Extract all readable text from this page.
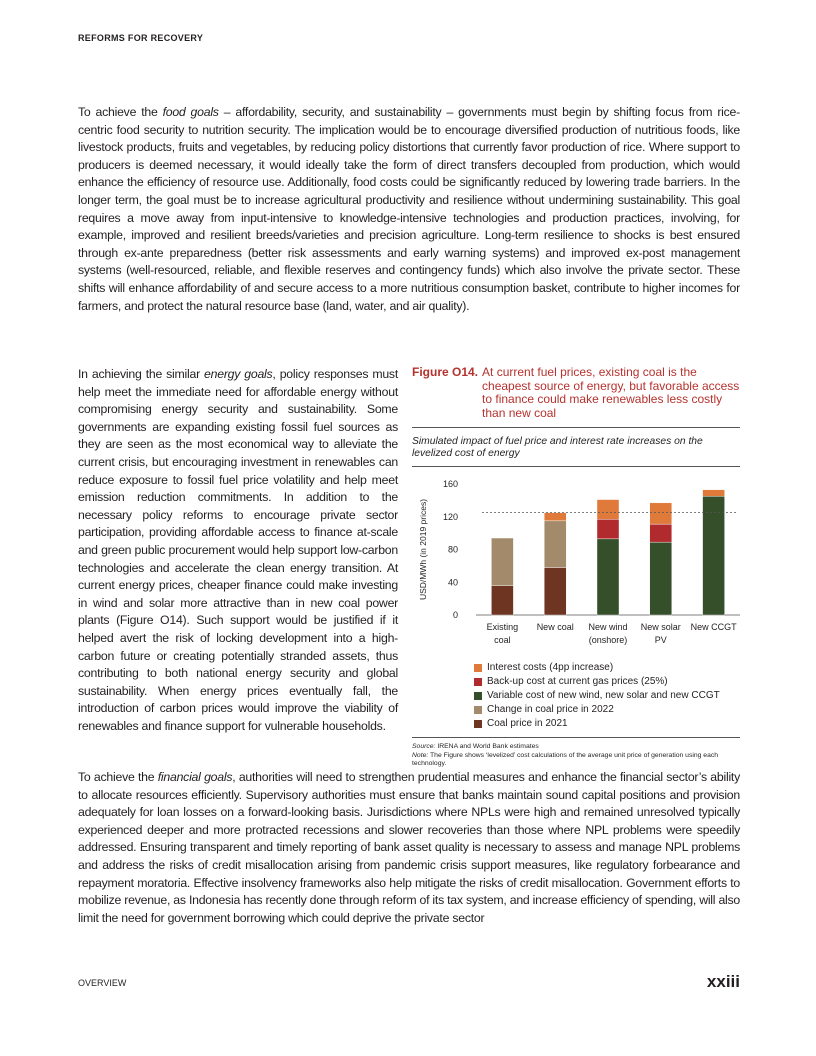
REFORMS FOR RECOVERY

To achieve the food goals – affordability, security, and sustainability – governments must begin by shifting focus from rice-centric food security to nutrition security. The implication would be to encourage diversified production of nutritious foods, like livestock products, fruits and vegetables, by reducing policy distortions that currently favor production of rice. Where support to producers is deemed necessary, it would ideally take the form of direct transfers decoupled from production, which would enhance the efficiency of resource use. Additionally, food costs could be significantly reduced by lowering trade barriers. In the longer term, the goal must be to increase agricultural productivity and resilience without undermining sustainability. This goal requires a move away from input-intensive to knowledge-intensive technologies and production practices, involving, for example, improved and resilient breeds/varieties and precision agriculture. Long-term resilience to shocks is best ensured through ex-ante preparedness (better risk assessments and early warning systems) and improved ex-post management systems (well-resourced, reliable, and flexible reserves and contingency funds) which also involve the private sector. These shifts will enhance affordability of and secure access to a more nutritious consumption basket, contribute to higher incomes for farmers, and protect the natural resource base (land, water, and air quality).

In achieving the similar energy goals, policy responses must help meet the immediate need for affordable energy without compromising energy security and sustainability. Some governments are expanding existing fossil fuel sources as they are seen as the most economical way to alleviate the current crisis, but encouraging investment in renewables can reduce exposure to fossil fuel price volatility and help meet emission reduction commitments. In addition to the necessary policy reforms to encourage private sector participation, providing affordable access to finance at-scale and green public procurement would help support low-carbon technologies and accelerate the clean energy transition. At current energy prices, cheaper finance could make investing in wind and solar more attractive than in new coal power plants (Figure O14). Such support would be justified if it helped avert the risk of locking development into a high-carbon future or creating potentially stranded assets, thus contributing to both national energy security and global sustainability. When energy prices eventually fall, the introduction of carbon prices would improve the viability of renewables and finance support for vulnerable households.

Figure O14. At current fuel prices, existing coal is the cheapest source of energy, but favorable access to finance could make renewables less costly than new coal
Simulated impact of fuel price and interest rate increases on the levelized cost of energy
USD/MWh (in 2019 prices)
0
40
80
120
160
Existing
coal
New coal New wind
(onshore)
New solar
PV
New CCGT
Interest costs (4pp increase)
Back-up cost at current gas prices (25%)
Variable cost of new wind, new solar and new CCGT
Change in coal price in 2022
Coal price in 2021
Source: IRENA and World Bank estimates
Note: The Figure shows ‘levelized’ cost calculations of the average unit price of generation using each technology.

To achieve the financial goals, authorities will need to strengthen prudential measures and enhance the financial sector’s ability to allocate resources efficiently. Supervisory authorities must ensure that banks maintain sound capital positions and provision adequately for loan losses on a forward-looking basis. Jurisdictions where NPLs were high and remained unresolved typically experienced deeper and more protracted recessions and slower recoveries than those where NPL problems were speedily addressed. Ensuring transparent and timely reporting of bank asset quality is necessary to assess and manage NPL problems and address the risks of credit misallocation arising from pandemic crisis support measures, like regulatory forbearance and repayment moratoria. Effective insolvency frameworks also help mitigate the risks of credit misallocation. Government efforts to mobilize revenue, as Indonesia has recently done through reform of its tax system, and increase efficiency of spending, will also limit the need for government borrowing which could deprive the private sector

OVERVIEW	xxiii
